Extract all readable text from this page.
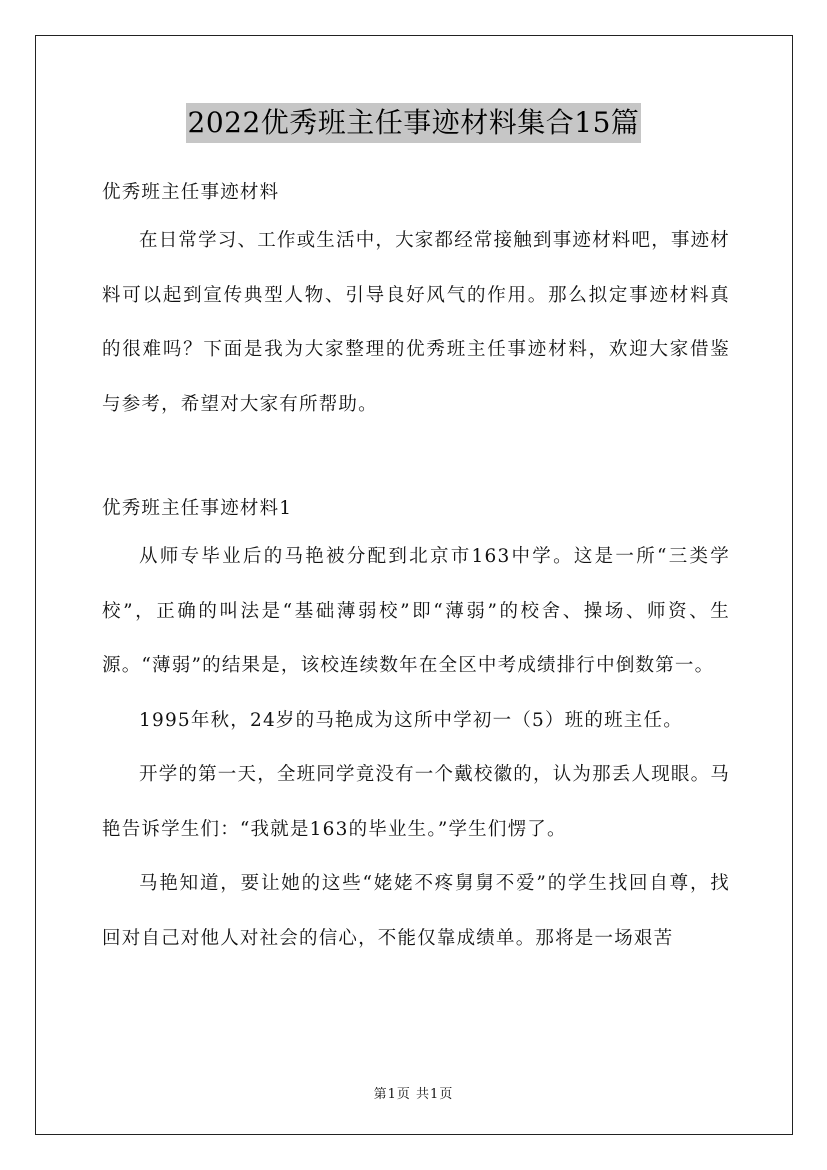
2022优秀班主任事迹材料集合15篇
优秀班主任事迹材料

在日常学习、工作或生活中，大家都经常接触到事迹材料吧，事迹材料可以起到宣传典型人物、引导良好风气的作用。那么拟定事迹材料真的很难吗？下面是我为大家整理的优秀班主任事迹材料，欢迎大家借鉴与参考，希望对大家有所帮助。

优秀班主任事迹材料1

从师专毕业后的马艳被分配到北京市163中学。这是一所“三类学校”，正确的叫法是“基础薄弱校”即“薄弱”的校舍、操场、师资、生源。“薄弱”的结果是，该校连续数年在全区中考成绩排行中倒数第一。

1995年秋，24岁的马艳成为这所中学初一（5）班的班主任。

开学的第一天，全班同学竟没有一个戴校徽的，认为那丢人现眼。马艳告诉学生们：“我就是163的毕业生。”学生们愣了。

马艳知道，要让她的这些“姥姥不疼舅舅不爱”的学生找回自尊，找回对自己对他人对社会的信心，不能仅靠成绩单。那将是一场艰苦

第1页 共1页
